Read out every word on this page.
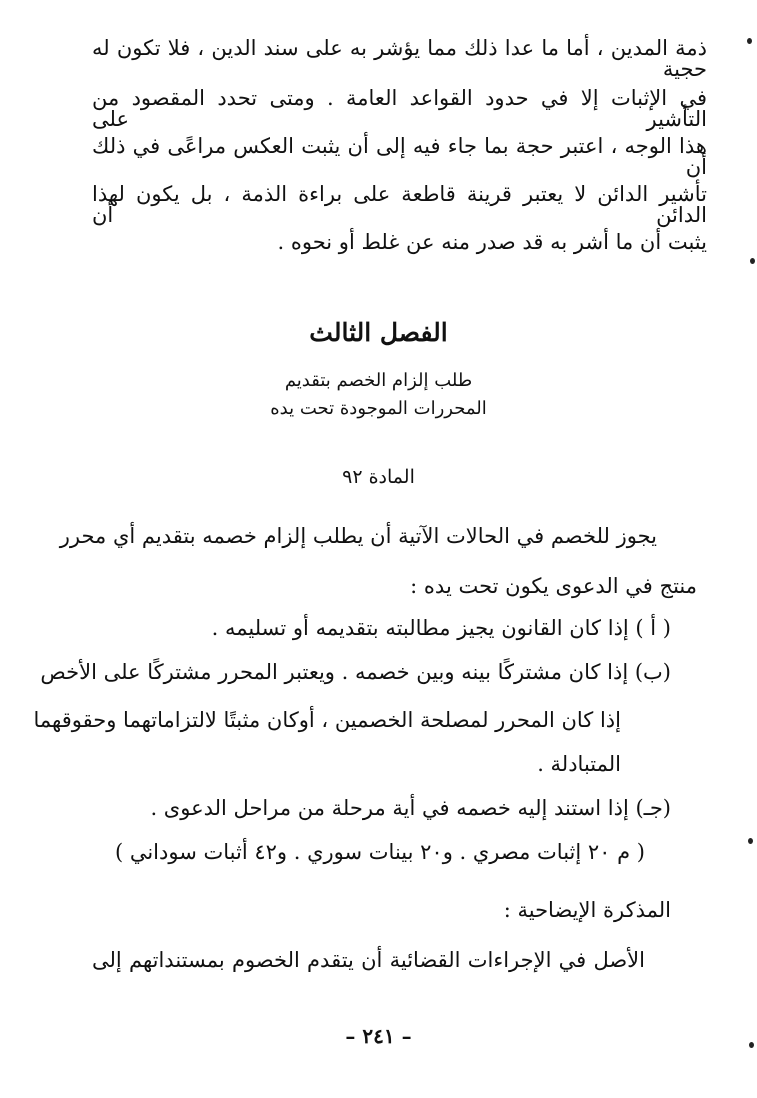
ذمة المدين ، أما ما عدا ذلك مما يؤشر به على سند الدين ، فلا تكون له حجية
في الإثبات إلا في حدود القواعد العامة . ومتى تحدد المقصود من التأشير على
هذا الوجه ، اعتبر حجة بما جاء فيه إلى أن يثبت العكس مراعًى في ذلك أن
تأشير الدائن لا يعتبر قرينة قاطعة على براءة الذمة ، بل يكون لهذا الدائن أن
يثبت أن ما أشر به قد صدر منه عن غلط أو نحوه .
الفصل الثالث
طلب إلزام الخصم بتقديم
المحررات الموجودة تحت يده
المادة ٩٢
يجوز للخصم في الحالات الآتية أن يطلب إلزام خصمه بتقديم أي محرر
منتج في الدعوى يكون تحت يده :
( أ ) إذا كان القانون يجيز مطالبته بتقديمه أو تسليمه .
(ب) إذا كان مشتركًا بينه وبين خصمه . ويعتبر المحرر مشتركًا على الأخص
إذا كان المحرر لمصلحة الخصمين ، أوكان مثبتًا لالتزاماتهما وحقوقهما
المتبادلة .
(جـ) إذا استند إليه خصمه في أية مرحلة من مراحل الدعوى .
( م ٢٠ إثبات مصري . و٢٠ بينات سوري . و٤٢ أثبات سوداني )
المذكرة الإيضاحية :
الأصل في الإجراءات القضائية أن يتقدم الخصوم بمستنداتهم إلى
– ٢٤١ –
